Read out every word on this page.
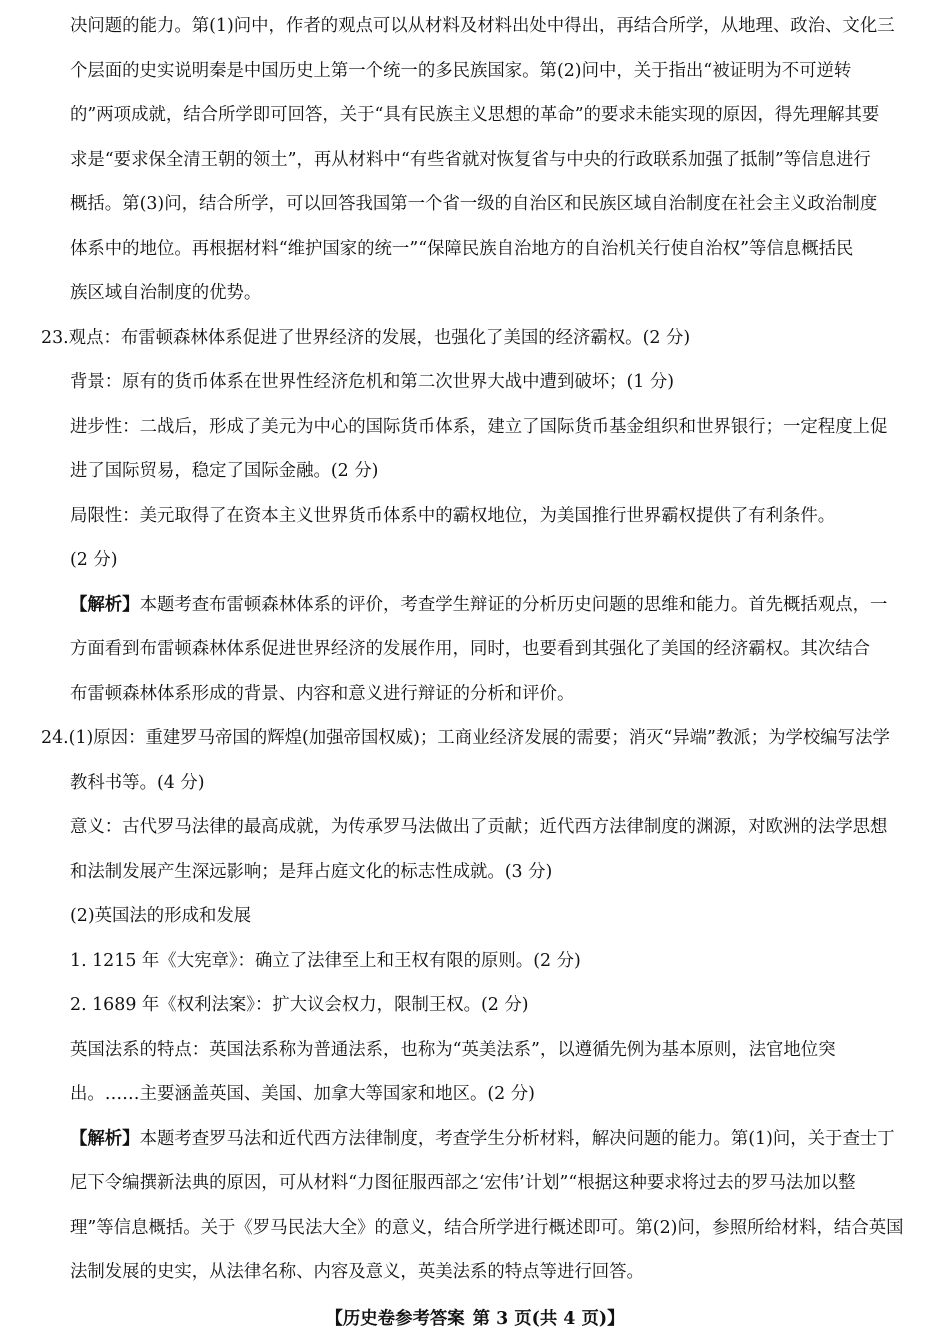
决问题的能力。第(1)问中，作者的观点可以从材料及材料出处中得出，再结合所学，从地理、政治、文化三
个层面的史实说明秦是中国历史上第一个统一的多民族国家。第(2)问中，关于指出“被证明为不可逆转
的”两项成就，结合所学即可回答，关于“具有民族主义思想的革命”的要求未能实现的原因，得先理解其要
求是“要求保全清王朝的领土”，再从材料中“有些省就对恢复省与中央的行政联系加强了抵制”等信息进行
概括。第(3)问，结合所学，可以回答我国第一个省一级的自治区和民族区域自治制度在社会主义政治制度
体系中的地位。再根据材料“维护国家的统一”“保障民族自治地方的自治机关行使自治权”等信息概括民
族区域自治制度的优势。
23.观点：布雷顿森林体系促进了世界经济的发展，也强化了美国的经济霸权。(2 分)
背景：原有的货币体系在世界性经济危机和第二次世界大战中遭到破坏；(1 分)
进步性：二战后，形成了美元为中心的国际货币体系，建立了国际货币基金组织和世界银行；一定程度上促
进了国际贸易，稳定了国际金融。(2 分)
局限性：美元取得了在资本主义世界货币体系中的霸权地位，为美国推行世界霸权提供了有利条件。
(2 分)
【解析】本题考查布雷顿森林体系的评价，考查学生辩证的分析历史问题的思维和能力。首先概括观点，一
方面看到布雷顿森林体系促进世界经济的发展作用，同时，也要看到其强化了美国的经济霸权。其次结合
布雷顿森林体系形成的背景、内容和意义进行辩证的分析和评价。
24.(1)原因：重建罗马帝国的辉煌(加强帝国权威)；工商业经济发展的需要；消灭“异端”教派；为学校编写法学
教科书等。(4 分)
意义：古代罗马法律的最高成就，为传承罗马法做出了贡献；近代西方法律制度的渊源，对欧洲的法学思想
和法制发展产生深远影响；是拜占庭文化的标志性成就。(3 分)
(2)英国法的形成和发展
1. 1215 年《大宪章》：确立了法律至上和王权有限的原则。(2 分)
2. 1689 年《权利法案》：扩大议会权力，限制王权。(2 分)
英国法系的特点：英国法系称为普通法系，也称为“英美法系”，以遵循先例为基本原则，法官地位突
出。……主要涵盖英国、美国、加拿大等国家和地区。(2 分)
【解析】本题考查罗马法和近代西方法律制度，考查学生分析材料，解决问题的能力。第(1)问，关于查士丁
尼下令编撰新法典的原因，可从材料“力图征服西部之‘宏伟’计划”“根据这种要求将过去的罗马法加以整
理”等信息概括。关于《罗马民法大全》的意义，结合所学进行概述即可。第(2)问，参照所给材料，结合英国
法制发展的史实，从法律名称、内容及意义，英美法系的特点等进行回答。
【历史卷参考答案 第 3 页(共 4 页)】
